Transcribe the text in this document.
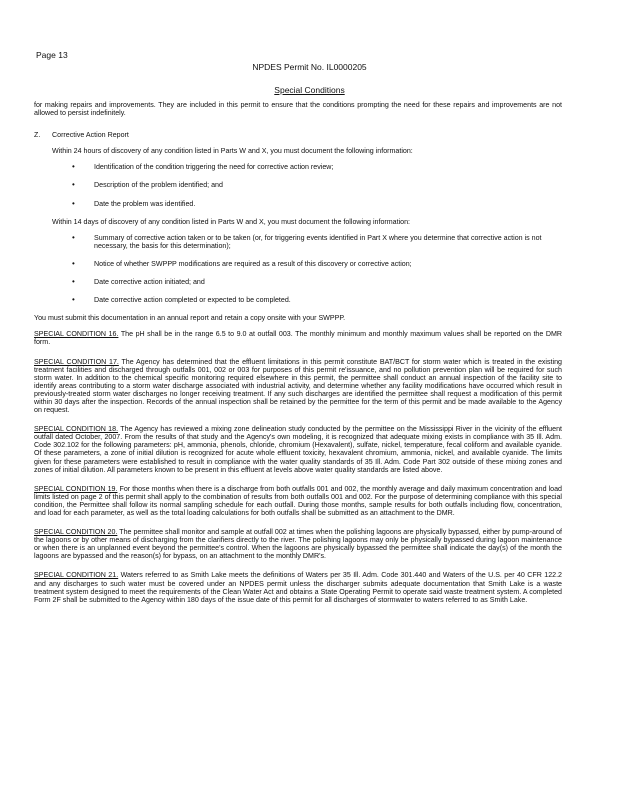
Page 13
NPDES Permit No. IL0000205
Special Conditions

for making repairs and improvements. They are included in this permit to ensure that the conditions prompting the need for these repairs and improvements are not allowed to persist indefinitely.

Z.	Corrective Action Report

Within 24 hours of discovery of any condition listed in Parts W and X, you must document the following information:

•	Identification of the condition triggering the need for corrective action review;
•	Description of the problem identified; and
•	Date the problem was identified.

Within 14 days of discovery of any condition listed in Parts W and X, you must document the following information:

•	Summary of corrective action taken or to be taken (or, for triggering events identified in Part X where you determine that corrective action is not necessary, the basis for this determination);
•	Notice of whether SWPPP modifications are required as a result of this discovery or corrective action;
•	Date corrective action initiated; and
•	Date corrective action completed or expected to be completed.

You must submit this documentation in an annual report and retain a copy onsite with your SWPPP.

SPECIAL CONDITION 16. The pH shall be in the range 6.5 to 9.0 at outfall 003. The monthly minimum and monthly maximum values shall be reported on the DMR form.

SPECIAL CONDITION 17. The Agency has determined that the effluent limitations in this permit constitute BAT/BCT for storm water which is treated in the existing treatment facilities and discharged through outfalls 001, 002 or 003 for purposes of this permit re'issuance, and no pollution prevention plan will be required for such storm water. In addition to the chemical specific monitoring required elsewhere in this permit, the permittee shall conduct an annual inspection of the facility site to identify areas contributing to a storm water discharge associated with industrial activity, and determine whether any facility modifications have occurred which result in previously-treated storm water discharges no longer receiving treatment. If any such discharges are identified the permittee shall request a modification of this permit within 30 days after the inspection. Records of the annual inspection shall be retained by the permittee for the term of this permit and be made available to the Agency on request.

SPECIAL CONDITION 18. The Agency has reviewed a mixing zone delineation study conducted by the permittee on the Mississippi River in the vicinity of the effluent outfall dated October, 2007. From the results of that study and the Agency's own modeling, it is recognized that adequate mixing exists in compliance with 35 Ill. Adm. Code 302.102 for the following parameters: pH, ammonia, phenols, chloride, chromium (Hexavalent), sulfate, nickel, temperature, fecal coliform and available cyanide. Of these parameters, a zone of initial dilution is recognized for acute whole effluent toxicity, hexavalent chromium, ammonia, nickel, and available cyanide. The limits given for these parameters were established to result in compliance with the water quality standards of 35 Ill. Adm. Code Part 302 outside of these mixing zones and zones of initial dilution. All parameters known to be present in this effluent at levels above water quality standards are listed above.

SPECIAL CONDITION 19. For those months when there is a discharge from both outfalls 001 and 002, the monthly average and daily maximum concentration and load limits listed on page 2 of this permit shall apply to the combination of results from both outfalls 001 and 002. For the purpose of determining compliance with this special condition, the Permittee shall follow its normal sampling schedule for each outfall. During those months, sample results for both outfalls including flow, concentration, and load for each parameter, as well as the total loading calculations for both outfalls shall be submitted as an attachment to the DMR.

SPECIAL CONDITION 20. The permittee shall monitor and sample at outfall 002 at times when the polishing lagoons are physically bypassed, either by pump-around of the lagoons or by other means of discharging from the clarifiers directly to the river. The polishing lagoons may only be physically bypassed during lagoon maintenance or when there is an unplanned event beyond the permittee's control. When the lagoons are physically bypassed the permittee shall indicate the day(s) of the month the lagoons are bypassed and the reason(s) for bypass, on an attachment to the monthly DMR's.

SPECIAL CONDITION 21. Waters referred to as Smith Lake meets the definitions of Waters per 35 Ill. Adm. Code 301.440 and Waters of the U.S. per 40 CFR 122.2 and any discharges to such water must be covered under an NPDES permit unless the discharger submits adequate documentation that Smith Lake is a waste treatment system designed to meet the requirements of the Clean Water Act and obtains a State Operating Permit to operate said waste treatment system. A completed Form 2F shall be submitted to the Agency within 180 days of the issue date of this permit for all discharges of stormwater to waters referred to as Smith Lake.
